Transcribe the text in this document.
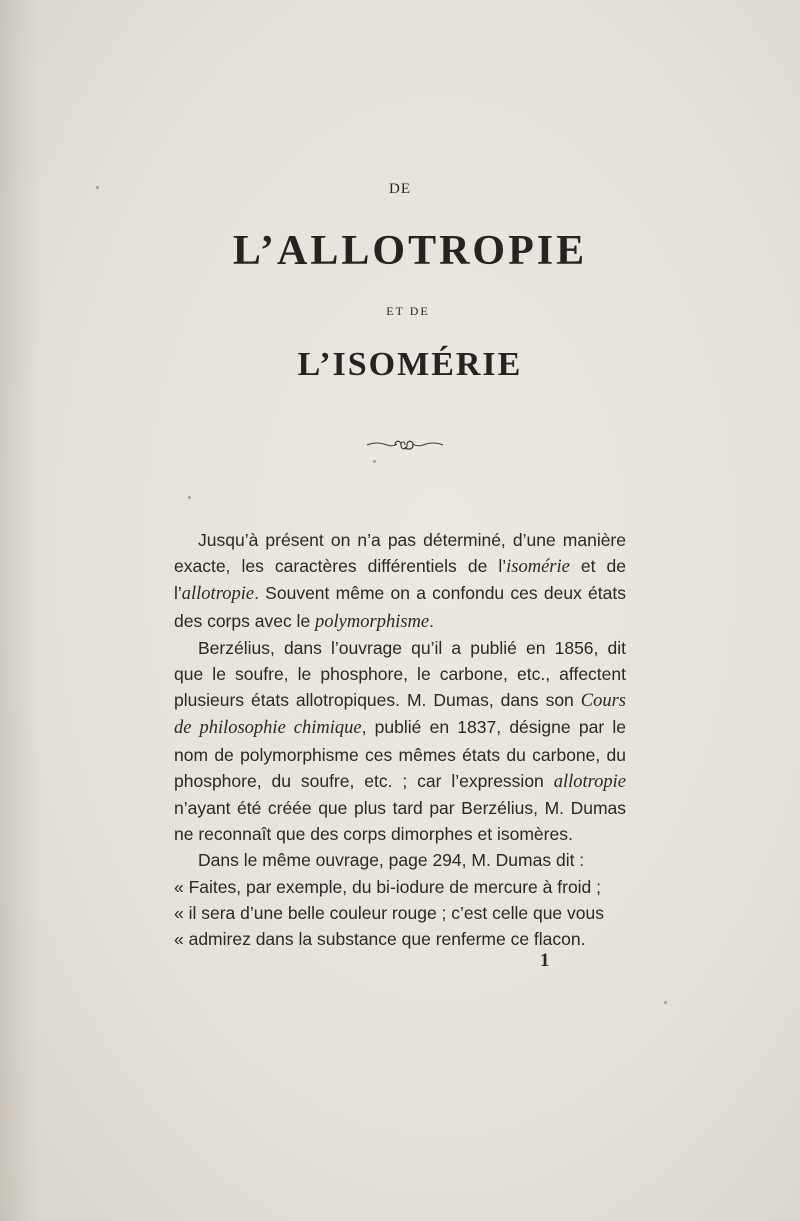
DE
L’ALLOTROPIE
ET DE
L’ISOMÉRIE

Jusqu’à présent on n’a pas déterminé, d’une manière exacte, les caractères différentiels de l’isomérie et de l’allotropie. Souvent même on a confondu ces deux états des corps avec le polymorphisme.

Berzélius, dans l’ouvrage qu’il a publié en 1856, dit que le soufre, le phosphore, le carbone, etc., affectent plusieurs états allotropiques. M. Dumas, dans son Cours de philosophie chimique, publié en 1837, désigne par le nom de polymorphisme ces mêmes états du carbone, du phosphore, du soufre, etc. ; car l’expression allotropie n’ayant été créée que plus tard par Berzélius, M. Dumas ne reconnaît que des corps dimorphes et isomères.

Dans le même ouvrage, page 294, M. Dumas dit :

« Faites, par exemple, du bi-iodure de mercure à froid ;

« il sera d’une belle couleur rouge ; c’est celle que vous

« admirez dans la substance que renferme ce flacon.

1
